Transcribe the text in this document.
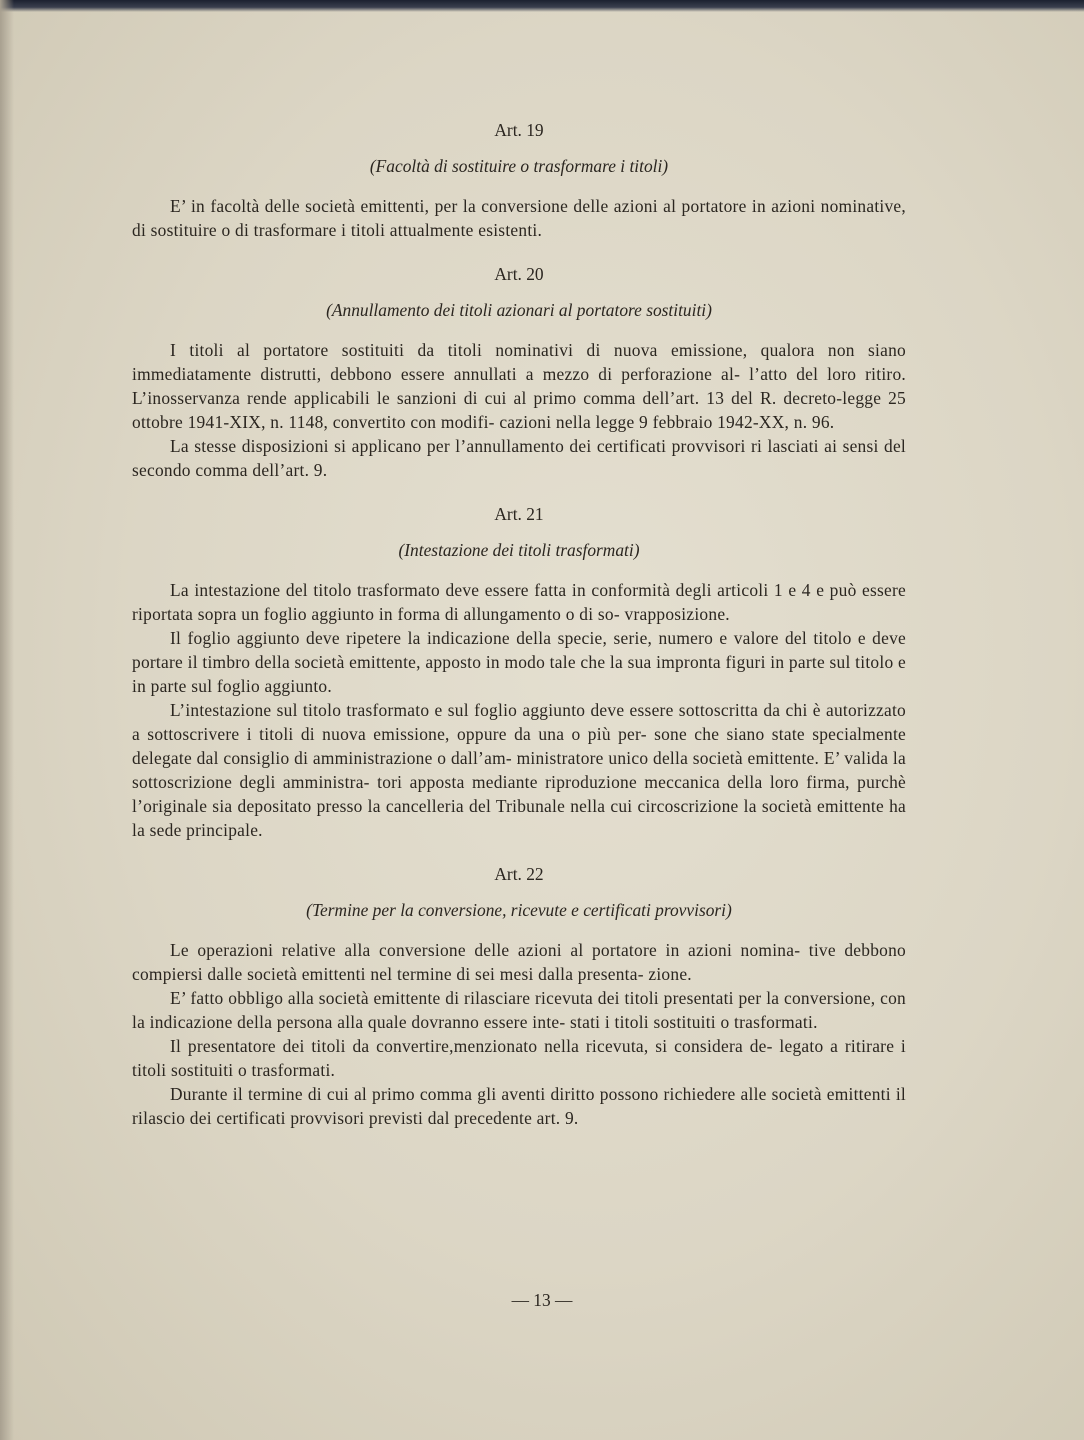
Art. 19
(Facoltà di sostituire o trasformare i titoli)

E’ in facoltà delle società emittenti, per la conversione delle azioni al portatore in azioni nominative, di sostituire o di trasformare i titoli attualmente esistenti.

Art. 20
(Annullamento dei titoli azionari al portatore sostituiti)

I titoli al portatore sostituiti da titoli nominativi di nuova emissione, qualora non siano immediatamente distrutti, debbono essere annullati a mezzo di perforazione al- l’atto del loro ritiro. L’inosservanza rende applicabili le sanzioni di cui al primo comma dell’art. 13 del R. decreto-legge 25 ottobre 1941-XIX, n. 1148, convertito con modifi- cazioni nella legge 9 febbraio 1942-XX, n. 96.

La stesse disposizioni si applicano per l’annullamento dei certificati provvisori ri lasciati ai sensi del secondo comma dell’art. 9.

Art. 21
(Intestazione dei titoli trasformati)

La intestazione del titolo trasformato deve essere fatta in conformità degli articoli 1 e 4 e può essere riportata sopra un foglio aggiunto in forma di allungamento o di so- vrapposizione.

Il foglio aggiunto deve ripetere la indicazione della specie, serie, numero e valore del titolo e deve portare il timbro della società emittente, apposto in modo tale che la sua impronta figuri in parte sul titolo e in parte sul foglio aggiunto.

L’intestazione sul titolo trasformato e sul foglio aggiunto deve essere sottoscritta da chi è autorizzato a sottoscrivere i titoli di nuova emissione, oppure da una o più per- sone che siano state specialmente delegate dal consiglio di amministrazione o dall’am- ministratore unico della società emittente. E’ valida la sottoscrizione degli amministra- tori apposta mediante riproduzione meccanica della loro firma, purchè l’originale sia depositato presso la cancelleria del Tribunale nella cui circoscrizione la società emittente ha la sede principale.

Art. 22
(Termine per la conversione, ricevute e certificati provvisori)

Le operazioni relative alla conversione delle azioni al portatore in azioni nomina- tive debbono compiersi dalle società emittenti nel termine di sei mesi dalla presenta- zione.

E’ fatto obbligo alla società emittente di rilasciare ricevuta dei titoli presentati per la conversione, con la indicazione della persona alla quale dovranno essere inte- stati i titoli sostituiti o trasformati.

Il presentatore dei titoli da convertire,menzionato nella ricevuta, si considera de- legato a ritirare i titoli sostituiti o trasformati.

Durante il termine di cui al primo comma gli aventi diritto possono richiedere alle società emittenti il rilascio dei certificati provvisori previsti dal precedente art. 9.

— 13 —
